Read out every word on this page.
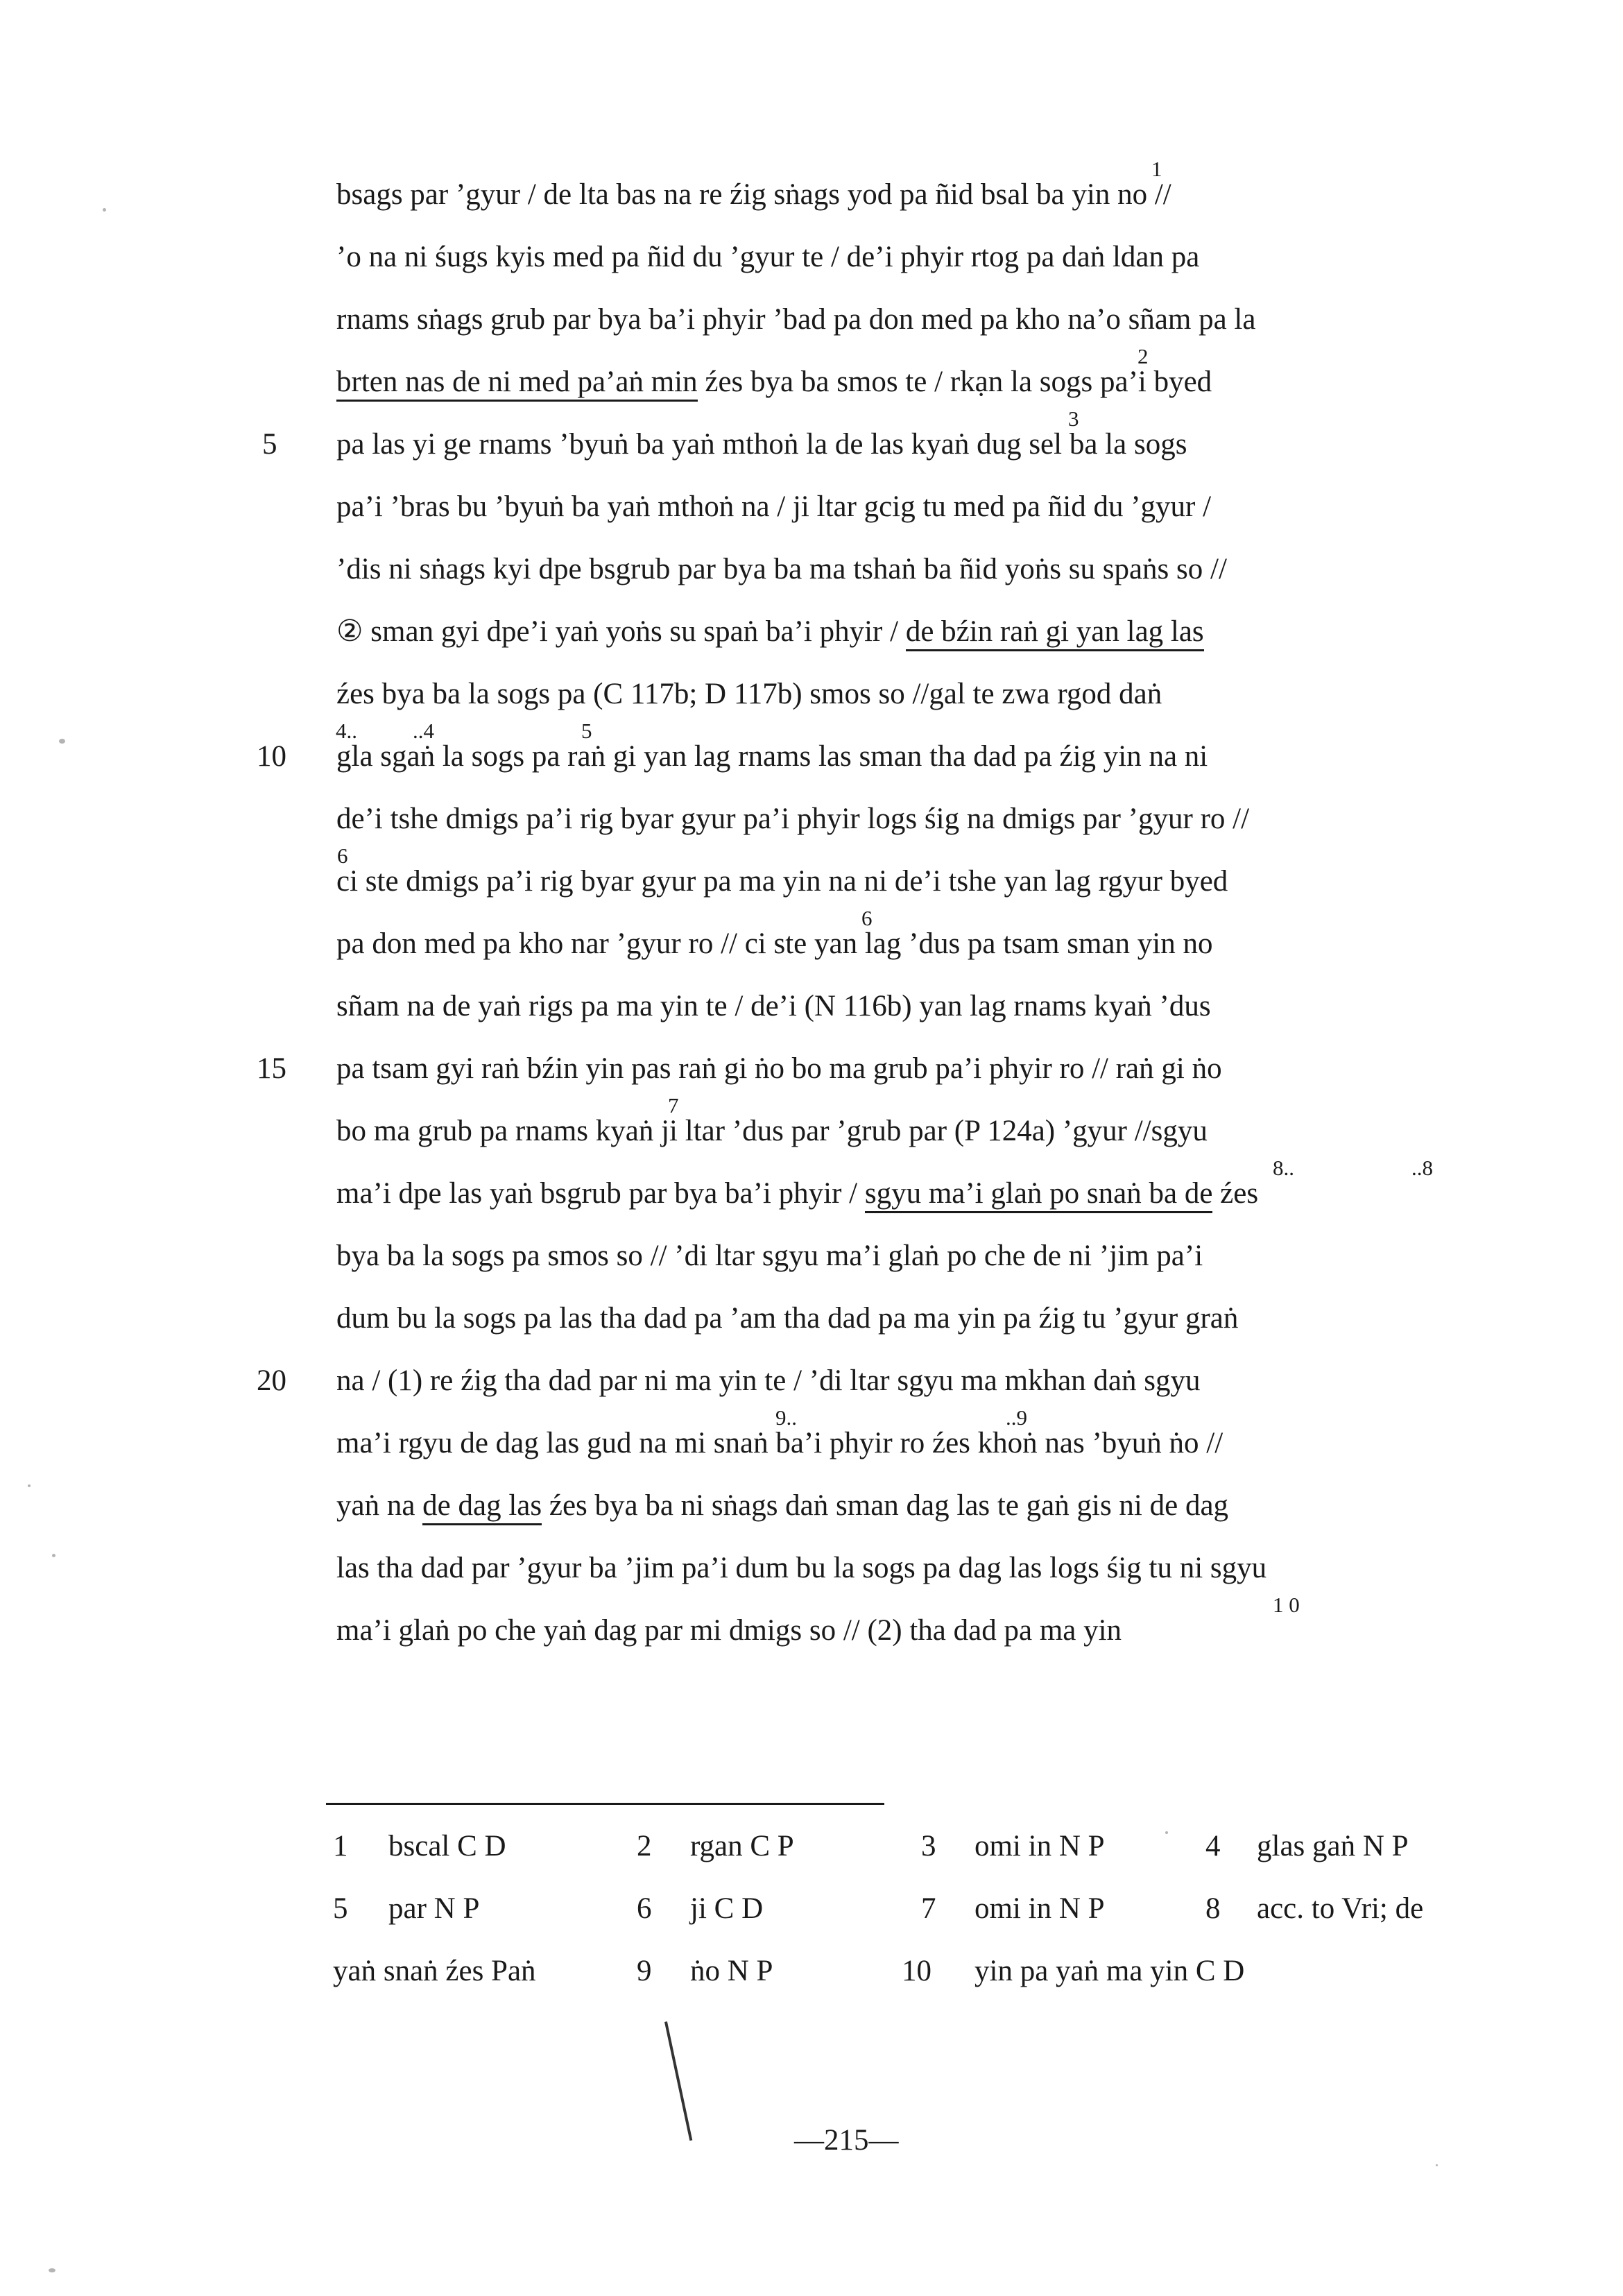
bsags par ’gyur / de lta bas na re źig sṅags yod pa ñid bsal ba yin no //
’o na ni śugs kyis med pa ñid du ’gyur te / de’i phyir rtog pa daṅ ldan pa
rnams sṅags grub par bya ba’i phyir ’bad pa don med pa kho na’o sñam pa la
brten nas de ni med pa’aṅ min źes bya ba smos te / rkạn la sogs pa’i byed
pa las yi ge rnams ’byuṅ ba yaṅ mthoṅ la de las kyaṅ dug sel ba la sogs
pa’i ’bras bu ’byuṅ ba yaṅ mthoṅ na / ji ltar gcig tu med pa ñid du ’gyur /
’dis ni sṅags kyi dpe bsgrub par bya ba ma tshaṅ ba ñid yoṅs su spaṅs so //
② sman gyi dpe’i yaṅ yoṅs su spaṅ ba’i phyir / de bźin raṅ gi yan lag las
źes bya ba la sogs pa (C 117b; D 117b) smos so //gal te zwa rgod daṅ
gla sgaṅ la sogs pa raṅ gi yan lag rnams las sman tha dad pa źig yin na ni
de’i tshe dmigs pa’i rig byar gyur pa’i phyir logs śig na dmigs par ’gyur ro //
ci ste dmigs pa’i rig byar gyur pa ma yin na ni de’i tshe yan lag rgyur byed
pa don med pa kho nar ’gyur ro // ci ste yan lag ’dus pa tsam sman yin no
sñam na de yaṅ rigs pa ma yin te / de’i (N 116b) yan lag rnams kyaṅ ’dus
pa tsam gyi raṅ bźin yin pas raṅ gi ṅo bo ma grub pa’i phyir ro // raṅ gi ṅo
bo ma grub pa rnams kyaṅ ji ltar ’dus par ’grub par (P 124a) ’gyur //sgyu
ma’i dpe las yaṅ bsgrub par bya ba’i phyir / sgyu ma’i glaṅ po snaṅ ba de źes
bya ba la sogs pa smos so // ’di ltar sgyu ma’i glaṅ po che de ni ’jim pa’i
dum bu la sogs pa las tha dad pa ’am tha dad pa ma yin pa źig tu ’gyur graṅ
na / (1) re źig tha dad par ni ma yin te / ’di ltar sgyu ma mkhan daṅ sgyu
ma’i rgyu de dag las gud na mi snaṅ ba’i phyir ro źes khoṅ nas ’byuṅ ṅo //
yaṅ na de dag las źes bya ba ni sṅags daṅ sman dag las te gaṅ gis ni de dag
las tha dad par ’gyur ba ’jim pa’i dum bu la sogs pa dag las logs śig tu ni sgyu
ma’i glaṅ po che yaṅ dag par mi dmigs so // (2) tha dad pa ma yin
5
10
15
20
1
2
3
4..	..4	5
6
6
7
8..	..8
9..	..9
1 0
1 bscal C D	2 rgan C P	3 omi in N P	4 glas gaṅ N P
5 par N P	6 ji C D	7 omi in N P	8 acc. to Vri; de
yaṅ snaṅ źes Paṅ	9 ṅo N P	10 yin pa yaṅ ma yin C D
—215—
